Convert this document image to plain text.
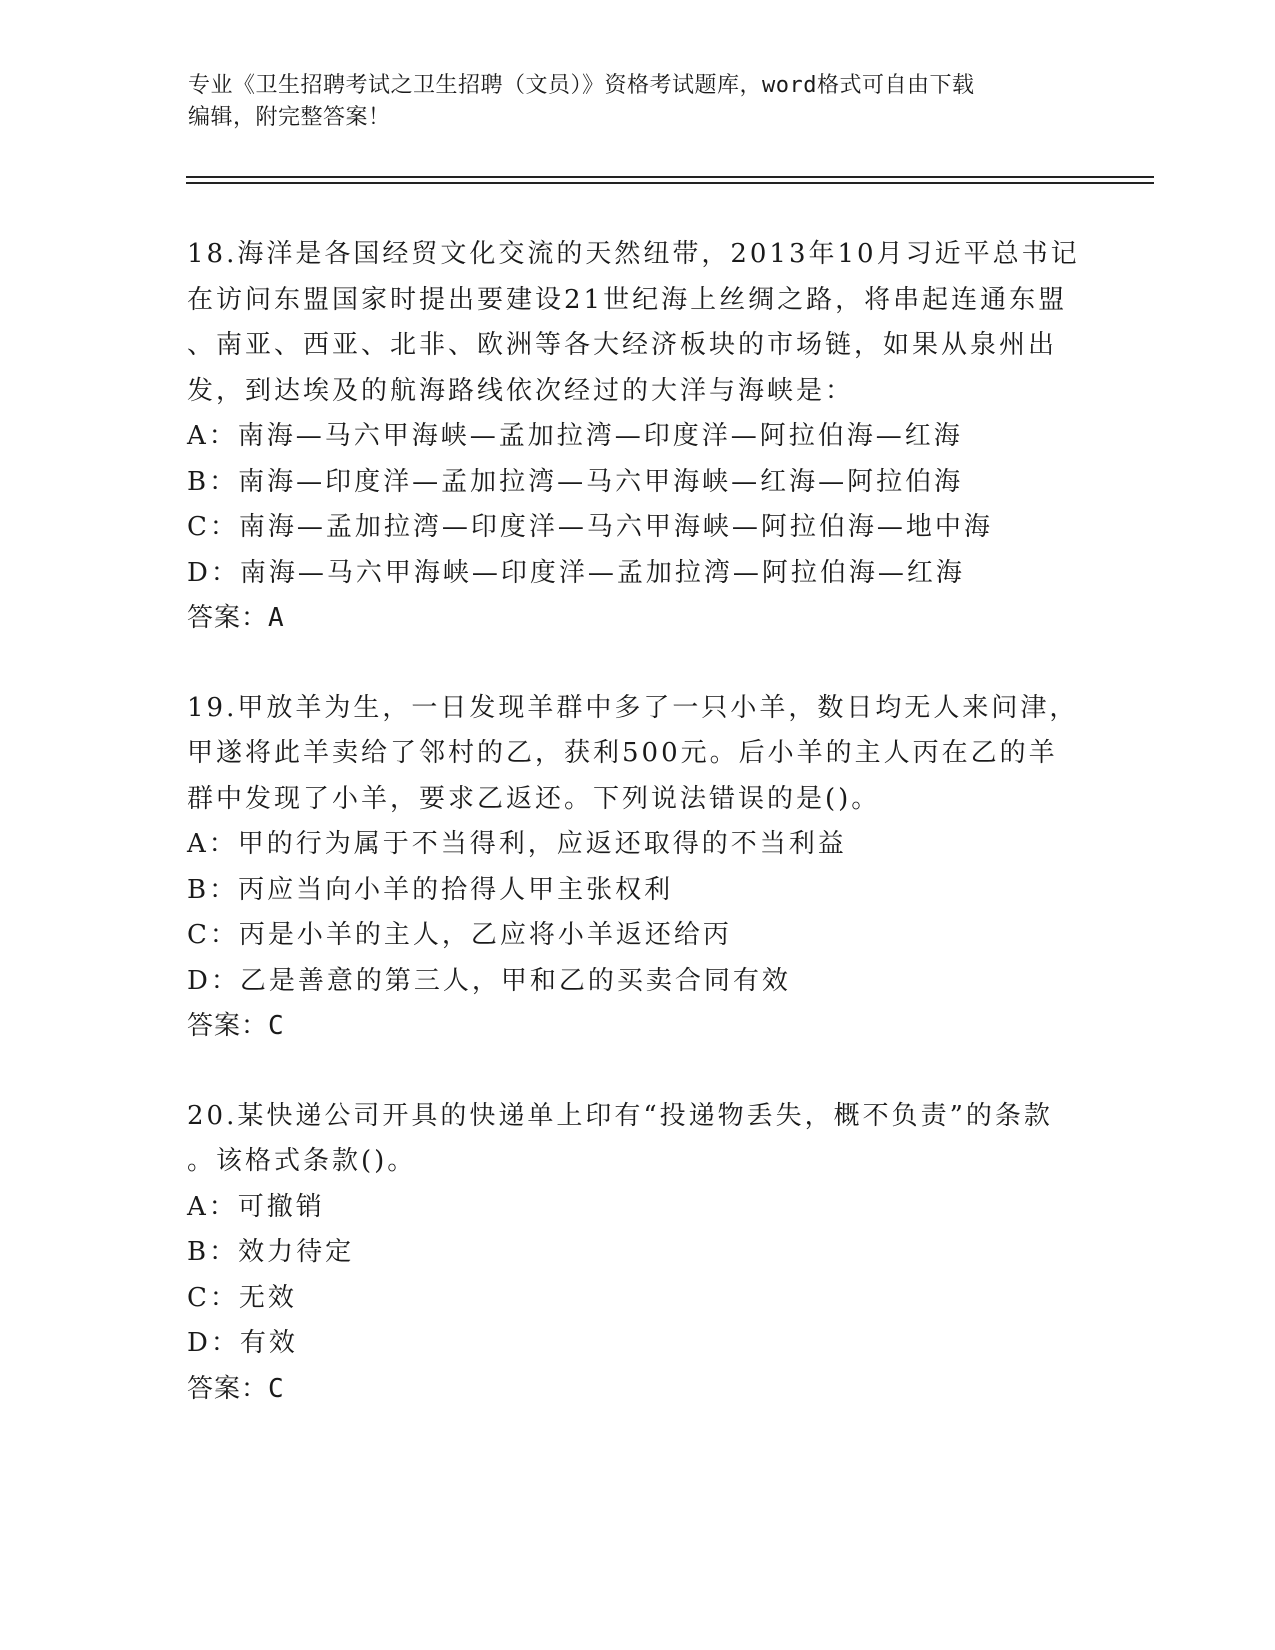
专业《卫生招聘考试之卫生招聘（文员）》资格考试题库，word格式可自由下载
编辑，附完整答案！
18.海洋是各国经贸文化交流的天然纽带，2013年10月习近平总书记
在访问东盟国家时提出要建设21世纪海上丝绸之路，将串起连通东盟
、南亚、西亚、北非、欧洲等各大经济板块的市场链，如果从泉州出
发，到达埃及的航海路线依次经过的大洋与海峡是：
A：南海—马六甲海峡—孟加拉湾—印度洋—阿拉伯海—红海
B：南海—印度洋—孟加拉湾—马六甲海峡—红海—阿拉伯海
C：南海—孟加拉湾—印度洋—马六甲海峡—阿拉伯海—地中海
D：南海—马六甲海峡—印度洋—孟加拉湾—阿拉伯海—红海
答案：A
19.甲放羊为生，一日发现羊群中多了一只小羊，数日均无人来问津，
甲遂将此羊卖给了邻村的乙，获利500元。后小羊的主人丙在乙的羊
群中发现了小羊，要求乙返还。下列说法错误的是()。
A：甲的行为属于不当得利，应返还取得的不当利益
B：丙应当向小羊的拾得人甲主张权利
C：丙是小羊的主人，乙应将小羊返还给丙
D：乙是善意的第三人，甲和乙的买卖合同有效
答案：C
20.某快递公司开具的快递单上印有“投递物丢失，概不负责”的条款
。该格式条款()。
A：可撤销
B：效力待定
C：无效
D：有效
答案：C
